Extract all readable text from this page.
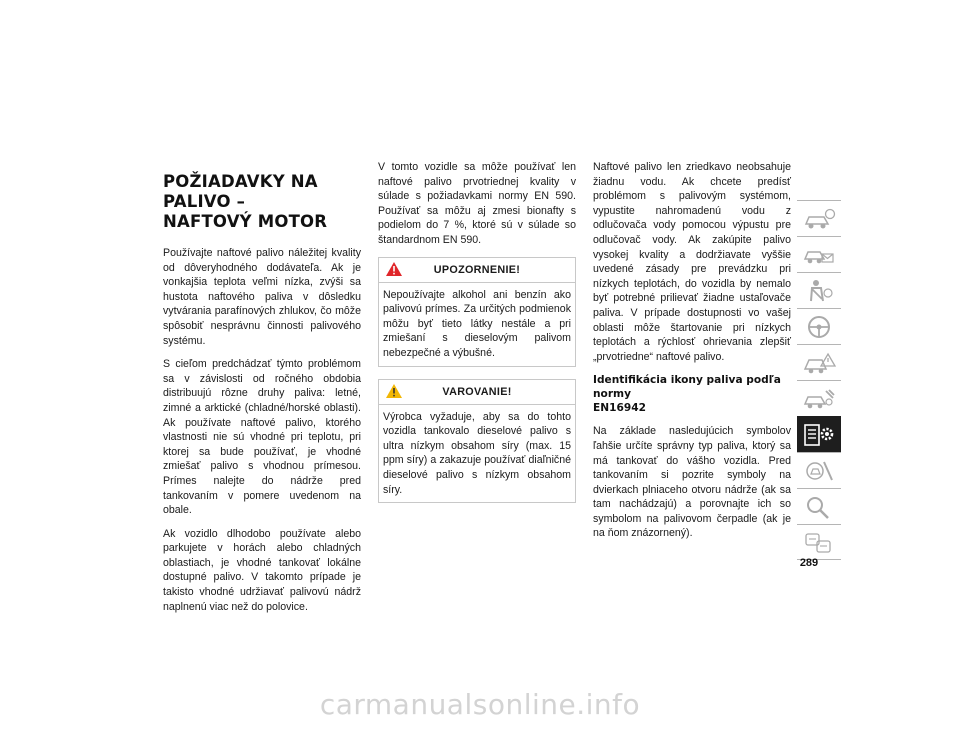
POŽIADAVKY NA PALIVO –
NAFTOVÝ MOTOR

Používajte naftové palivo náležitej kvality od dôveryhodného dodávateľa. Ak je vonkajšia teplota veľmi nízka, zvýši sa hustota naftového paliva v dôsledku vytvárania parafínových zhlukov, čo môže spôsobiť nesprávnu činnosti palivového systému.

S cieľom predchádzať týmto problémom sa v závislosti od ročného obdobia distribuujú rôzne druhy paliva: letné, zimné a arktické (chladné/horské oblasti). Ak používate naftové palivo, ktorého vlastnosti nie sú vhodné pri teplotu, pri ktorej sa bude používať, je vhodné zmiešať palivo s vhodnou prímesou. Prímes nalejte do nádrže pred tankovaním v pomere uvedenom na obale.

Ak vozidlo dlhodobo používate alebo parkujete v horách alebo chladných oblastiach, je vhodné tankovať lokálne dostupné palivo. V takomto prípade je takisto vhodné udržiavať palivovú nádrž naplnenú viac než do polovice.

V tomto vozidle sa môže používať len naftové palivo prvotriednej kvality v súlade s požiadavkami normy EN 590. Používať sa môžu aj zmesi bionafty s podielom do 7 %, ktoré sú v súlade so štandardnom EN 590.

UPOZORNENIE!

Nepoužívajte alkohol ani benzín ako palivovú prímes. Za určitých podmienok môžu byť tieto látky nestále a pri zmiešaní s dieselovým palivom nebezpečné a výbušné.

VAROVANIE!

Výrobca vyžaduje, aby sa do tohto vozidla tankovalo dieselové palivo s ultra nízkym obsahom síry (max. 15 ppm síry) a zakazuje používať diaľničné dieselové palivo s nízkym obsahom síry.

Naftové palivo len zriedkavo neobsahuje žiadnu vodu. Ak chcete predísť problémom s palivovým systémom, vypustite nahromadenú vodu z odlučovača vody pomocou výpustu pre odlučovač vody. Ak zakúpite palivo vysokej kvality a dodržiavate vyššie uvedené zásady pre prevádzku pri nízkych teplotách, do vozidla by nemalo byť potrebné prilievať žiadne ustaľovače paliva. V prípade dostupnosti vo vašej oblasti môže štartovanie pri nízkych teplotách a rýchlosť ohrievania zlepšiť „prvotriedne“ naftové palivo.

Identifikácia ikony paliva podľa normy
EN16942

Na základe nasledujúcich symbolov ľahšie určíte správny typ paliva, ktorý sa má tankovať do vášho vozidla. Pred tankovaním si pozrite symboly na dvierkach plniaceho otvoru nádrže (ak sa tam nachádzajú) a porovnajte ich so symbolom na palivovom čerpadle (ak je na ňom znázornený).

289
carmanualsonline.info
